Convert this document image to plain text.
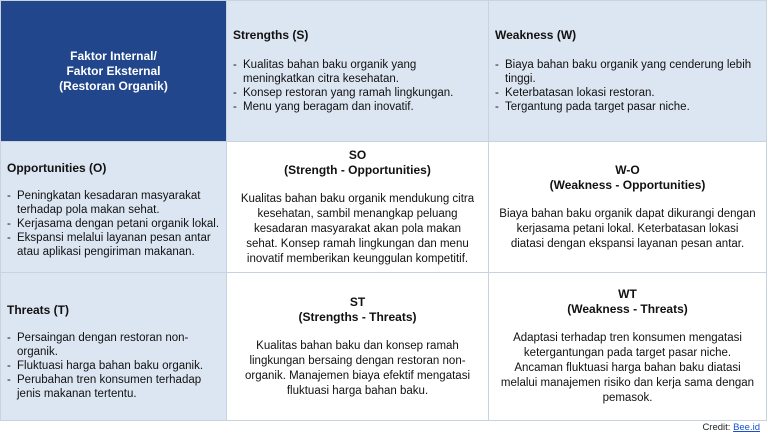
Faktor Internal/
Faktor Eksternal
(Restoran Organik)
Strengths (S)
- Kualitas bahan baku organik yang meningkatkan citra kesehatan.
- Konsep restoran yang ramah lingkungan.
- Menu yang beragam dan inovatif.
Weakness (W)
- Biaya bahan baku organik yang cenderung lebih tinggi.
- Keterbatasan lokasi restoran.
- Tergantung pada target pasar niche.
Opportunities (O)
- Peningkatan kesadaran masyarakat terhadap pola makan sehat.
- Kerjasama dengan petani organik lokal.
- Ekspansi melalui layanan pesan antar atau aplikasi pengiriman makanan.
SO
(Strength - Opportunities)
Kualitas bahan baku organik mendukung citra kesehatan, sambil menangkap peluang kesadaran masyarakat akan pola makan sehat. Konsep ramah lingkungan dan menu inovatif memberikan keunggulan kompetitif.
W-O
(Weakness - Opportunities)
Biaya bahan baku organik dapat dikurangi dengan kerjasama petani lokal. Keterbatasan lokasi diatasi dengan ekspansi layanan pesan antar.
Threats (T)
- Persaingan dengan restoran non-organik.
- Fluktuasi harga bahan baku organik.
- Perubahan tren konsumen terhadap jenis makanan tertentu.
ST
(Strengths - Threats)
Kualitas bahan baku dan konsep ramah lingkungan bersaing dengan restoran non-organik. Manajemen biaya efektif mengatasi fluktuasi harga bahan baku.
WT
(Weakness - Threats)
Adaptasi terhadap tren konsumen mengatasi ketergantungan pada target pasar niche. Ancaman fluktuasi harga bahan baku diatasi melalui manajemen risiko dan kerja sama dengan pemasok.
Credit: Bee.id
